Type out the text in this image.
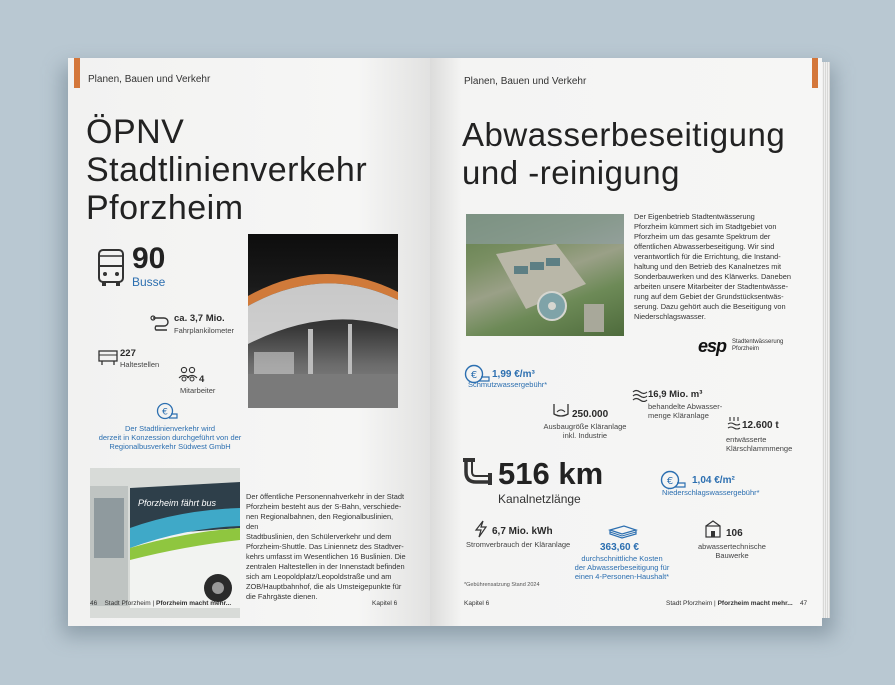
Planen, Bauen und Verkehr
ÖPNV
Stadtlinienverkehr
Pforzheim
90
Busse
ca. 3,7 Mio.
Fahrplankilometer
227
Haltestellen
4
Mitarbeiter
€
Der Stadtlinienverkehr wird
derzeit in Konzession durchgeführt von der
Regionalbusverkehr Südwest GmbH
Pforzheim fährt bus
Der öffentliche Personennahverkehr in der Stadt
Pforzheim besteht aus der S-Bahn, verschiede-
nen Regionalbahnen, den Regionalbuslinien, den
Stadtbuslinien, den Schülerverkehr und dem
Pforzheim-Shuttle. Das Liniennetz des Stadtver-
kehrs umfasst im Wesentlichen 16 Buslinien. Die
zentralen Haltestellen in der Innenstadt befinden
sich am Leopoldplatz/Leopoldstraße und am
ZOB/Hauptbahnhof, die als Umsteigepunkte für
die Fahrgäste dienen.
46 Stadt Pforzheim | Pforzheim macht mehr...	Kapitel 6
Planen, Bauen und Verkehr
Abwasserbeseitigung
und -reinigung
Der Eigenbetrieb Stadtentwässerung
Pforzheim kümmert sich im Stadtgebiet von
Pforzheim um das gesamte Spektrum der
öffentlichen Abwasserbeseitigung. Wir sind
verantwortlich für die Errichtung, die Instand-
haltung und den Betrieb des Kanalnetzes mit
Sonderbauwerken und des Klärwerks. Daneben
arbeiten unsere Mitarbeiter der Stadtentwässe-
rung auf dem Gebiet der Grundstücksentwäs-
serung. Dazu gehört auch die Beseitigung von
Niederschlagswasser.
esp Stadtentwässerung
Pforzheim
€ 1,99 €/m³
Schmutzwassergebühr*
16,9 Mio. m³
behandelte Abwasser-
menge Kläranlage
250.000
Ausbaugröße Kläranlage
inkl. Industrie
12.600 t
entwässerte
Klärschlammmenge
516 km
Kanalnetzlänge
€ 1,04 €/m²
Niederschlagswassergebühr*
6,7 Mio. kWh
Stromverbrauch der Kläranlage	363,60 €
durchschnittliche Kosten
der Abwasserbeseitigung für
einen 4-Personen-Haushalt*
106
abwassertechnische
Bauwerke
*Gebührensatzung Stand 2024
Kapitel 6	Stadt Pforzheim | Pforzheim macht mehr... 47
